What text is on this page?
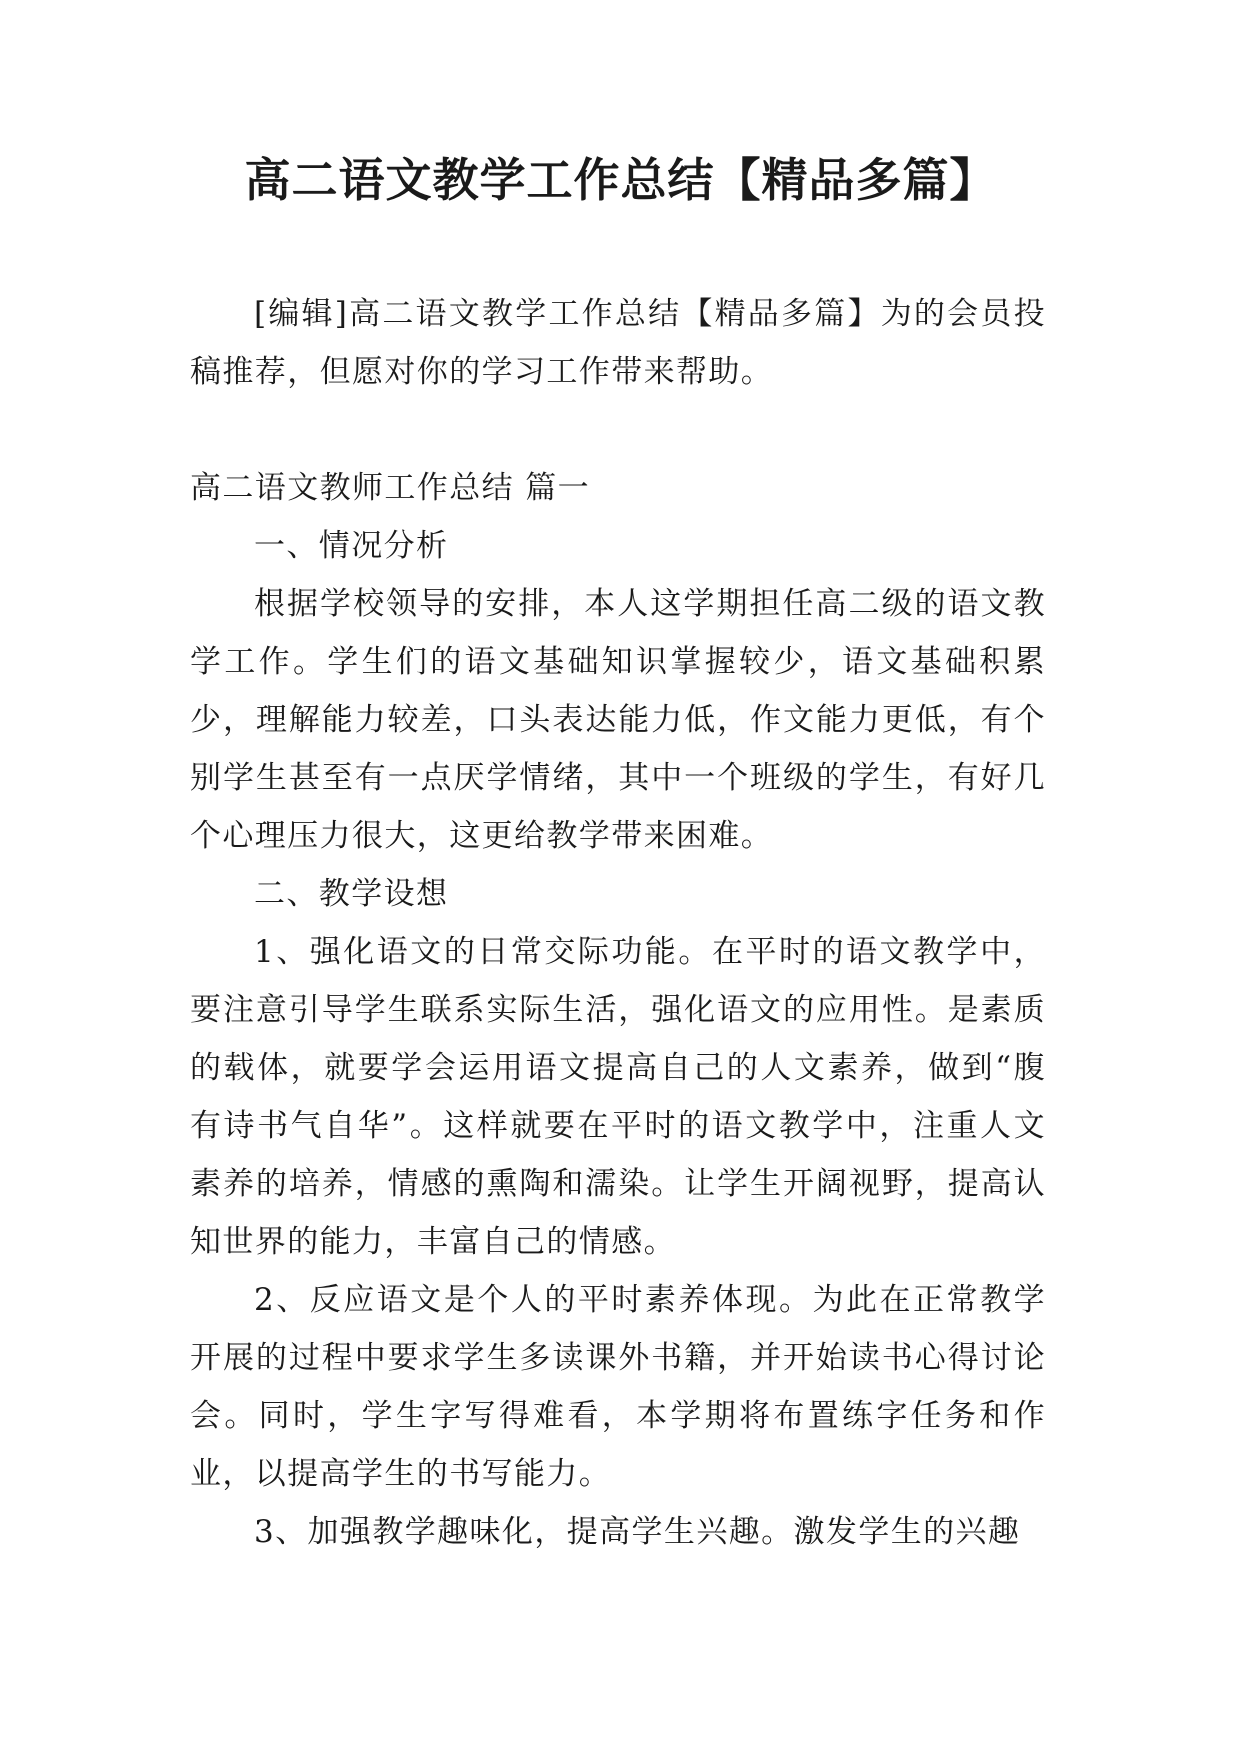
高二语文教学工作总结【精品多篇】

[编辑]高二语文教学工作总结【精品多篇】为的会员投稿推荐，但愿对你的学习工作带来帮助。

高二语文教师工作总结 篇一

一、情况分析

根据学校领导的安排，本人这学期担任高二级的语文教学工作。学生们的语文基础知识掌握较少，语文基础积累少，理解能力较差，口头表达能力低，作文能力更低，有个别学生甚至有一点厌学情绪，其中一个班级的学生，有好几个心理压力很大，这更给教学带来困难。

二、教学设想

1、强化语文的日常交际功能。在平时的语文教学中，要注意引导学生联系实际生活，强化语文的应用性。是素质的载体，就要学会运用语文提高自己的人文素养，做到“腹有诗书气自华”。这样就要在平时的语文教学中，注重人文素养的培养，情感的熏陶和濡染。让学生开阔视野，提高认知世界的能力，丰富自己的情感。

2、反应语文是个人的平时素养体现。为此在正常教学开展的过程中要求学生多读课外书籍，并开始读书心得讨论会。同时，学生字写得难看，本学期将布置练字任务和作业，以提高学生的书写能力。

3、加强教学趣味化，提高学生兴趣。激发学生的兴趣
